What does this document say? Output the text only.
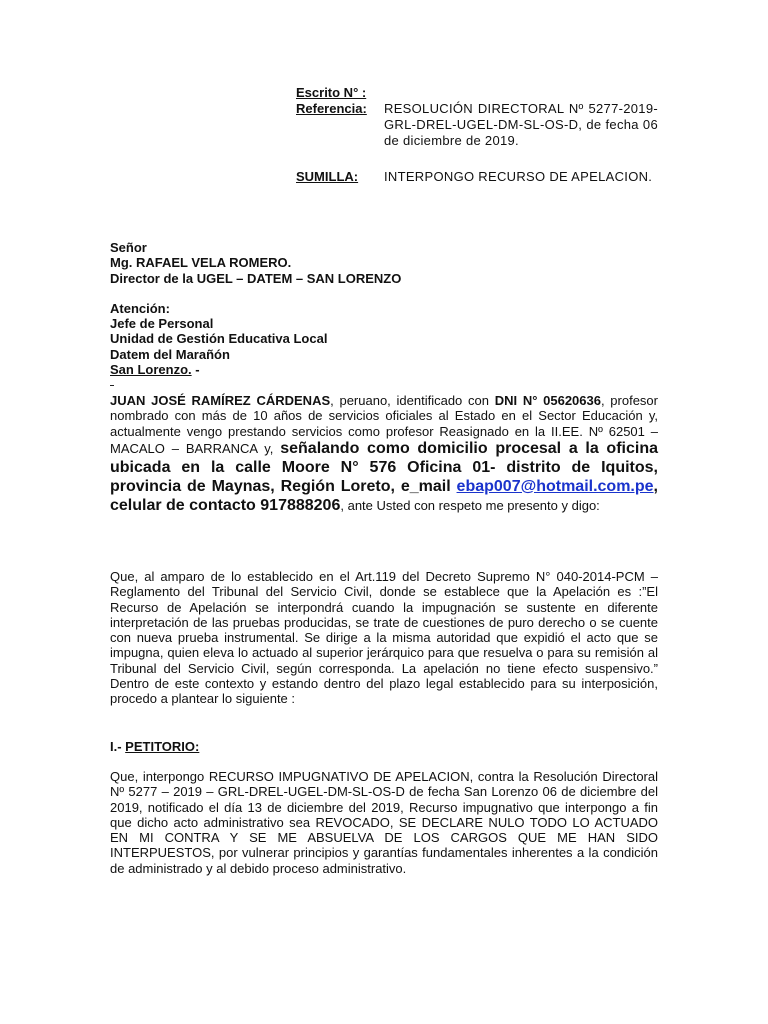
Escrito N° :
Referencia:	RESOLUCIÓN DIRECTORAL Nº 5277-2019-GRL-DREL-UGEL-DM-SL-OS-D, de fecha 06 de diciembre de 2019.
SUMILLA:	INTERPONGO RECURSO DE APELACION.
Señor
Mg. RAFAEL VELA ROMERO.
Director de la UGEL – DATEM – SAN LORENZO
Atención:
Jefe de Personal
Unidad de Gestión Educativa Local
Datem del Marañón
San Lorenzo. -
JUAN JOSÉ RAMÍREZ CÁRDENAS, peruano, identificado con DNI N° 05620636, profesor nombrado con más de 10 años de servicios oficiales al Estado en el Sector Educación y, actualmente vengo prestando servicios como profesor Reasignado en la II.EE. Nº 62501 – MACALO – BARRANCA y, señalando como domicilio procesal a la oficina ubicada en la calle Moore N° 576 Oficina 01- distrito de Iquitos, provincia de Maynas, Región Loreto, e_mail ebap007@hotmail.com.pe, celular de contacto 917888206, ante Usted con respeto me presento y digo:
Que, al amparo de lo establecido en el Art.119 del Decreto Supremo N° 040-2014-PCM – Reglamento del Tribunal del Servicio Civil, donde se establece que la Apelación es :”El Recurso de Apelación se interpondrá cuando la impugnación se sustente en diferente interpretación de las pruebas producidas, se trate de cuestiones de puro derecho o se cuente con nueva prueba instrumental. Se dirige a la misma autoridad que expidió el acto que se impugna, quien eleva lo actuado al superior jerárquico para que resuelva o para su remisión al Tribunal del Servicio Civil, según corresponda. La apelación no tiene efecto suspensivo.” Dentro de este contexto y estando dentro del plazo legal establecido para su interposición, procedo a plantear lo siguiente :
I.- PETITORIO:
Que, interpongo RECURSO IMPUGNATIVO DE APELACION, contra la Resolución Directoral Nº 5277 – 2019 – GRL-DREL-UGEL-DM-SL-OS-D de fecha San Lorenzo 06 de diciembre del 2019, notificado el día 13 de diciembre del 2019, Recurso impugnativo que interpongo a fin que dicho acto administrativo sea REVOCADO, SE DECLARE NULO TODO LO ACTUADO EN MI CONTRA Y SE ME ABSUELVA DE LOS CARGOS QUE ME HAN SIDO INTERPUESTOS, por vulnerar principios y garantías fundamentales inherentes a la condición de administrado y al debido proceso administrativo.
